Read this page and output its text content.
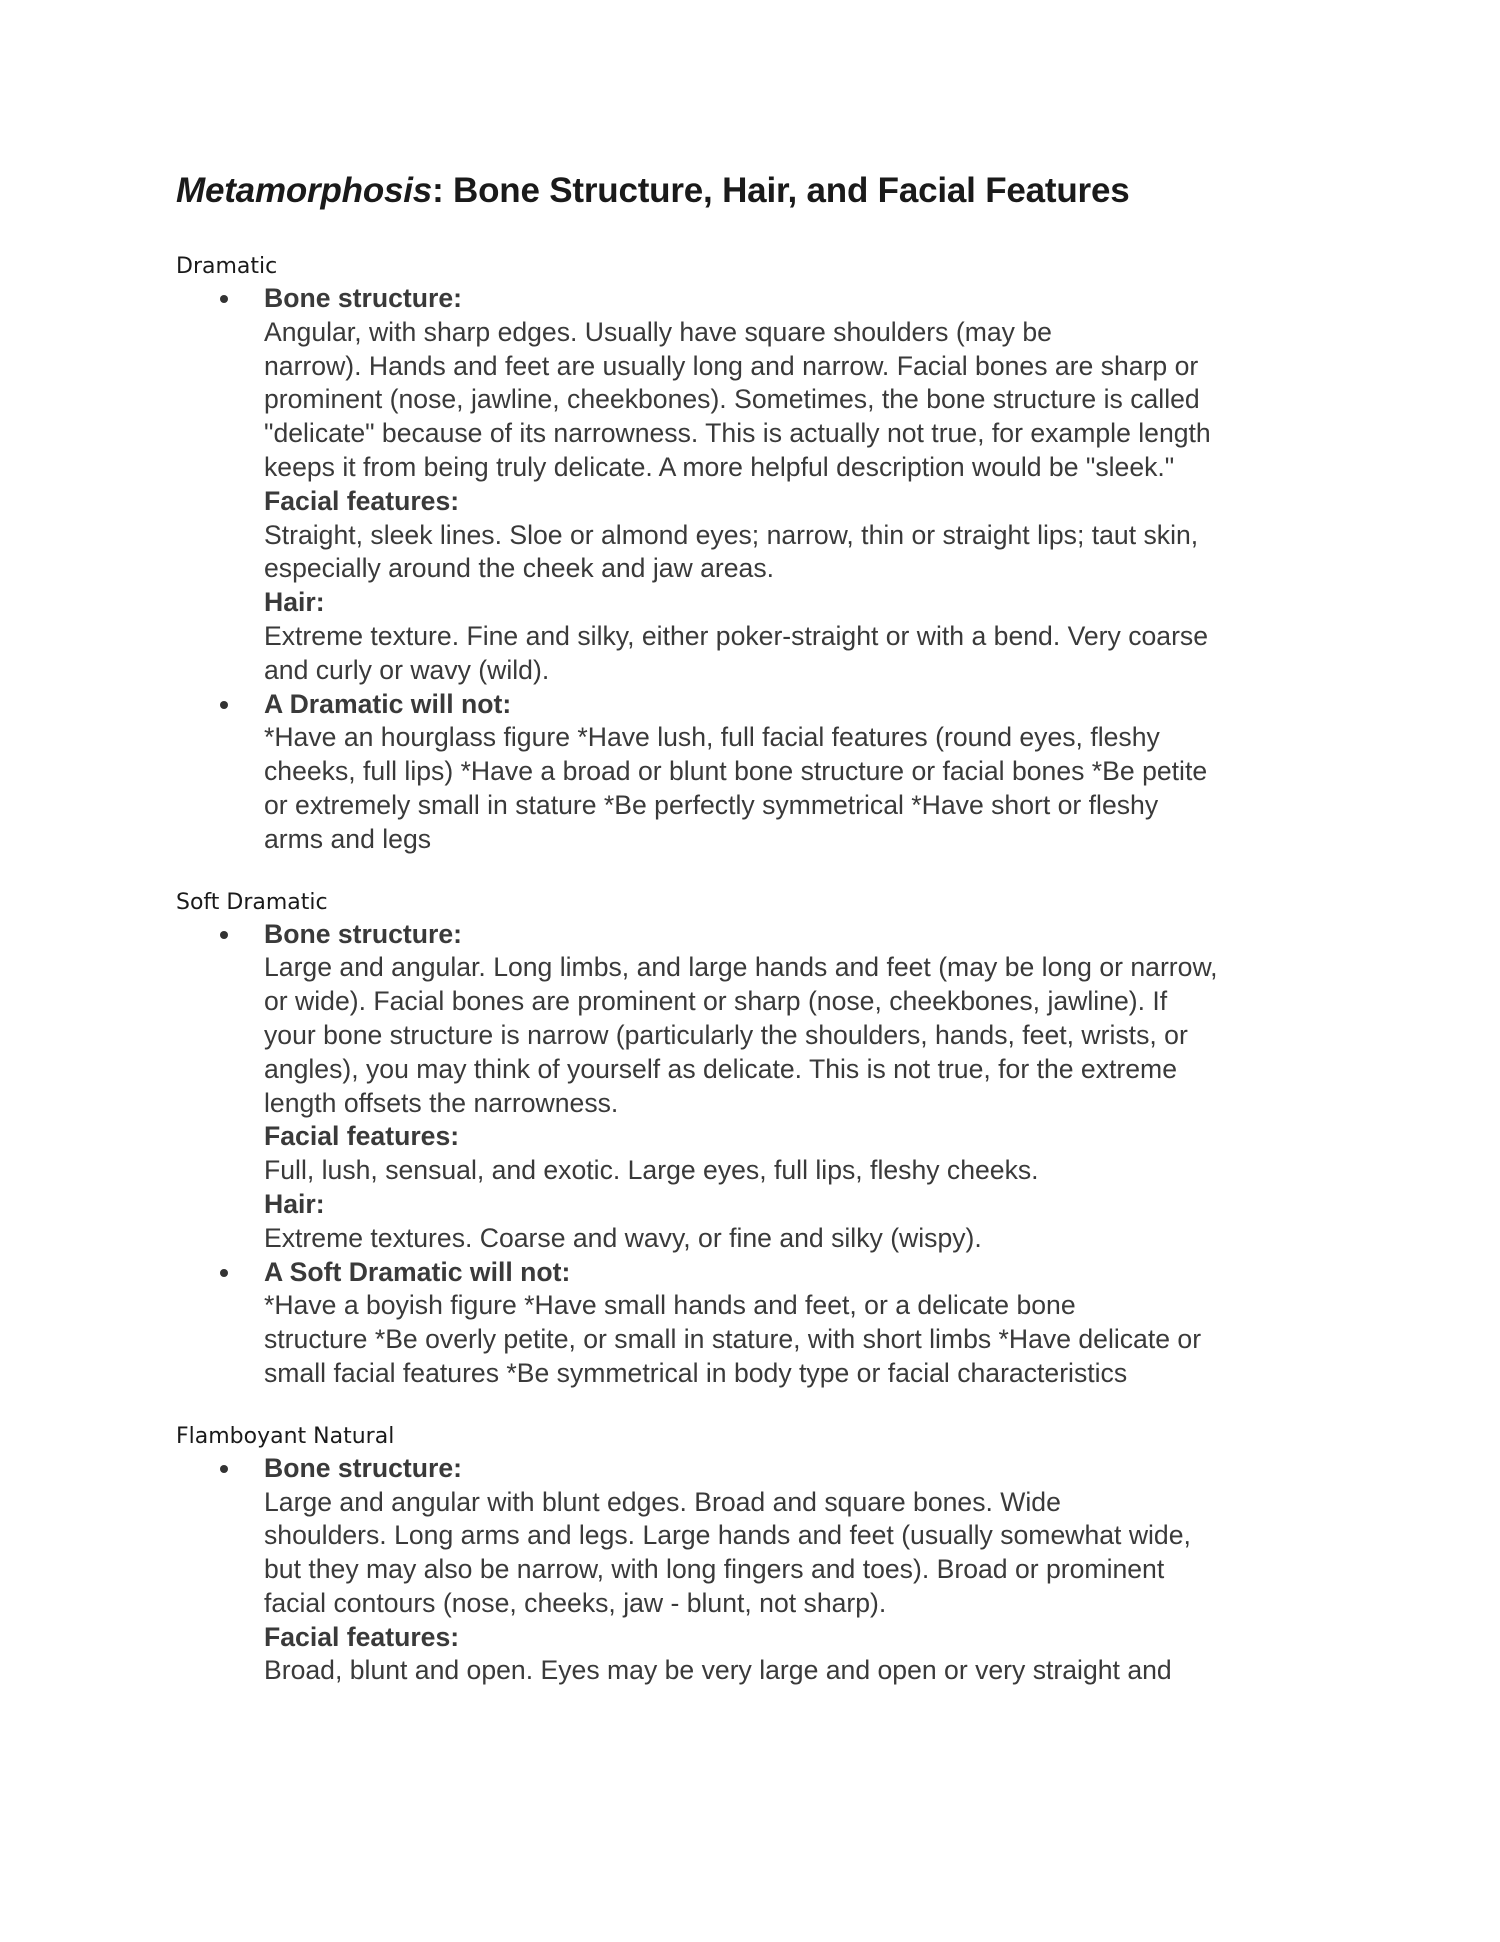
Metamorphosis: Bone Structure, Hair, and Facial Features

Dramatic

Bone structure:
Angular, with sharp edges. Usually have square shoulders (may be
narrow). Hands and feet are usually long and narrow. Facial bones are sharp or
prominent (nose, jawline, cheekbones). Sometimes, the bone structure is called
"delicate" because of its narrowness. This is actually not true, for example length
keeps it from being truly delicate. A more helpful description would be "sleek."
Facial features:
Straight, sleek lines. Sloe or almond eyes; narrow, thin or straight lips; taut skin,
especially around the cheek and jaw areas.
Hair:
Extreme texture. Fine and silky, either poker-straight or with a bend. Very coarse
and curly or wavy (wild).
A Dramatic will not:
*Have an hourglass figure *Have lush, full facial features (round eyes, fleshy
cheeks, full lips) *Have a broad or blunt bone structure or facial bones *Be petite
or extremely small in stature *Be perfectly symmetrical *Have short or fleshy
arms and legs

Soft Dramatic

Bone structure:
Large and angular. Long limbs, and large hands and feet (may be long or narrow,
or wide). Facial bones are prominent or sharp (nose, cheekbones, jawline). If
your bone structure is narrow (particularly the shoulders, hands, feet, wrists, or
angles), you may think of yourself as delicate. This is not true, for the extreme
length offsets the narrowness.
Facial features:
Full, lush, sensual, and exotic. Large eyes, full lips, fleshy cheeks.
Hair:
Extreme textures. Coarse and wavy, or fine and silky (wispy).
A Soft Dramatic will not:
*Have a boyish figure *Have small hands and feet, or a delicate bone
structure *Be overly petite, or small in stature, with short limbs *Have delicate or
small facial features *Be symmetrical in body type or facial characteristics

Flamboyant Natural

Bone structure:
Large and angular with blunt edges. Broad and square bones. Wide
shoulders. Long arms and legs. Large hands and feet (usually somewhat wide,
but they may also be narrow, with long fingers and toes). Broad or prominent
facial contours (nose, cheeks, jaw - blunt, not sharp).
Facial features:
Broad, blunt and open. Eyes may be very large and open or very straight and
